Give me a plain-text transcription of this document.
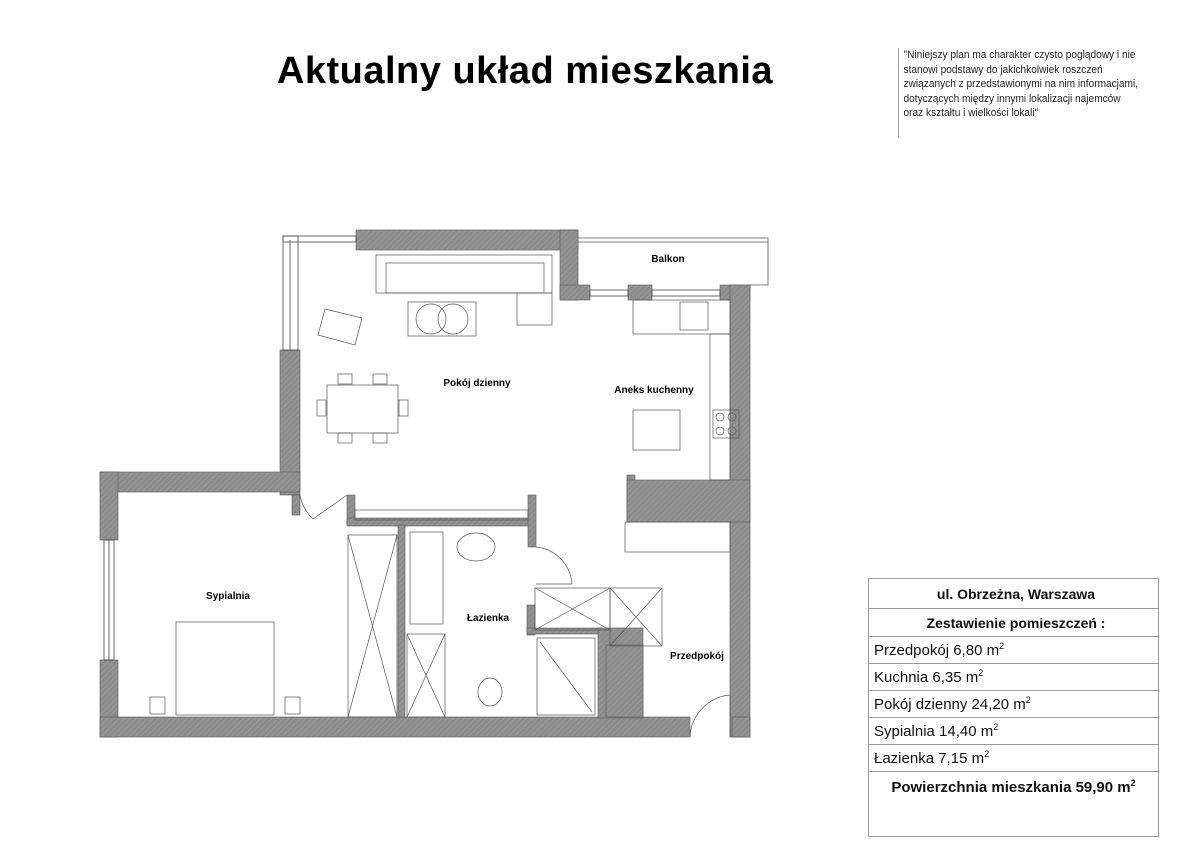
Aktualny układ mieszkania	"Niniejszy plan ma charakter czysto poglądowy i nie stanowi podstawy do jakichkolwiek roszczeń związanych z przedstawionymi na nim informacjami, dotyczących między innymi lokalizacji najemców oraz kształtu i wielkości lokali"
Balkon
Pokój dzienny
Aneks kuchenny
Sypialnia
Łazienka
Przedpokój
ul. Obrzeżna, Warszawa
Zestawienie pomieszczeń :
Przedpokój 6,80 $m^2$
Kuchnia 6,35 $m^2$
Pokój dzienny 24,20 $m^2$
Sypialnia 14,40 $m^2$
Łazienka 7,15 $m^2$
Powierzchnia mieszkania 59,90 $m^2$
